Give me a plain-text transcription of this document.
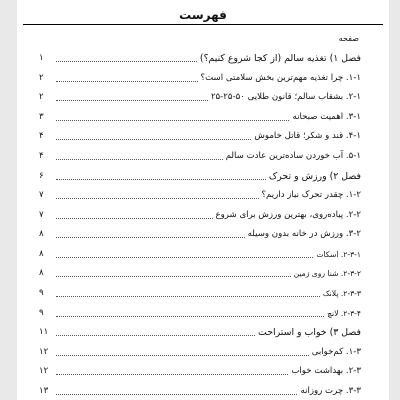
فهرست
صفحه
فصل ۱) تغذیه سالم (از کجا شروع کنیم؟)
۱
۱-۱. چرا تغذیه مهم‌ترین بخش سلامتی است؟
۲
۲-۱. بشقاب سالم؛ قانون طلایی ۵۰-۲۵-۲۵
۲
۳-۱. اهمیت صبحانه
۳
۴-۱. قند و شکر؛ قاتل خاموش
۴
۵-۱. آب خوردن ساده‌ترین عادت سالم
۴
فصل ۲) ورزش و تحرک
۶
۱-۲. چقدر تحرک نیاز داریم؟
۷
۲-۲. پیاده‌روی، بهترین ورزش برای شروع
۷
۳-۲. ورزش در خانه بدون وسیله
۸
۲-۳-۱. اسکات
۸
۲-۳-۲. شنا روی زمین
۸
۲-۳-۳. پلانک
۹
۲-۳-۴. لانچ
۹
فصل ۳) خواب و استراحت
۱۱
۱-۳. کم‌خوابی
۱۲
۲-۳. بهداشت خواب
۱۲
۳-۳. چرت روزانه
۱۳
